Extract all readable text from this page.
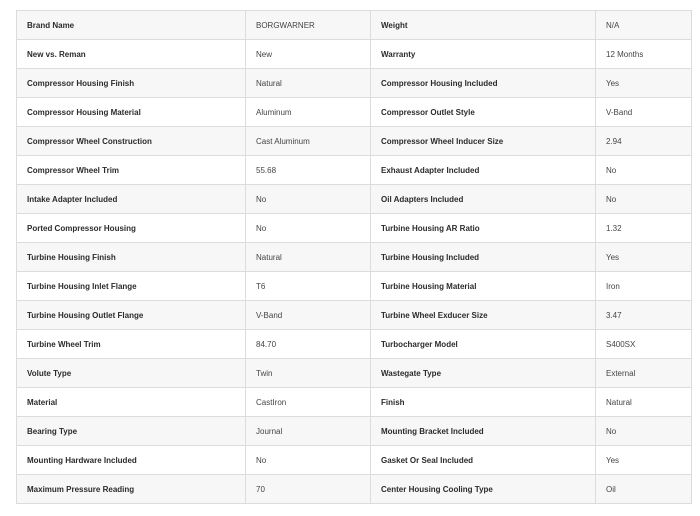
Brand Name	BORGWARNER	Weight	N/A
New vs. Reman	New	Warranty	12 Months
Compressor Housing Finish	Natural	Compressor Housing Included	Yes
Compressor Housing Material	Aluminum	Compressor Outlet Style	V-Band
Compressor Wheel Construction	Cast Aluminum	Compressor Wheel Inducer Size	2.94
Compressor Wheel Trim	55.68	Exhaust Adapter Included	No
Intake Adapter Included	No	Oil Adapters Included	No
Ported Compressor Housing	No	Turbine Housing AR Ratio	1.32
Turbine Housing Finish	Natural	Turbine Housing Included	Yes
Turbine Housing Inlet Flange	T6	Turbine Housing Material	Iron
Turbine Housing Outlet Flange	V-Band	Turbine Wheel Exducer Size	3.47
Turbine Wheel Trim	84.70	Turbocharger Model	S400SX
Volute Type	Twin	Wastegate Type	External
Material	CastIron	Finish	Natural
Bearing Type	Journal	Mounting Bracket Included	No
Mounting Hardware Included	No	Gasket Or Seal Included	Yes
Maximum Pressure Reading	70	Center Housing Cooling Type	Oil
